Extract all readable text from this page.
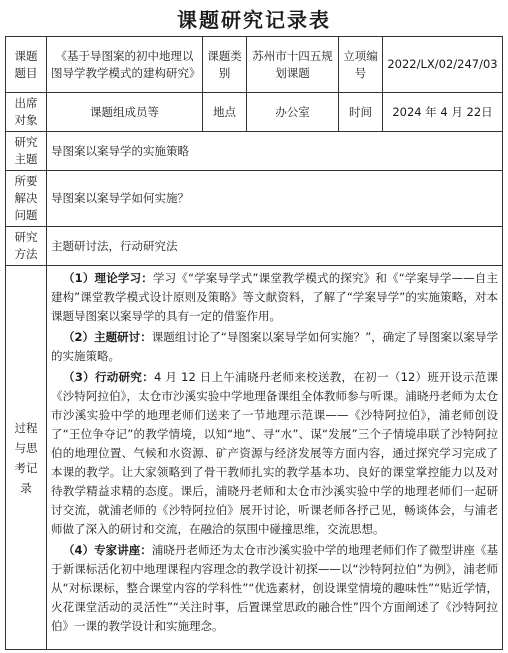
课题研究记录表
课题题目	《基于导图案的初中地理以图导学教学模式的建构研究》	课题类别	苏州市十四五规划课题	立项编号	2022/LX/02/247/03
出席对象	课题组成员等	地点	办公室	时间	2024 年 4 月 22日
研究主题	导图案以案导学的实施策略				
所要解决问题	导图案以案导学如何实施？				
研究方法	主题研讨法，行动研究法				
过程与思考记录	（1）理论学习：学习《“学案导学式”课堂教学模式的探究》和《“学案导学——自主建构”课堂教学模式设计原则及策略》等文献资料，了解了“学案导学”的实施策略，对本课题导图案以案导学的具有一定的借鉴作用。

（2）主题研讨：课题组讨论了“导图案以案导学如何实施？”，确定了导图案以案导学的实施策略。

（3）行动研究：4 月 12 日上午浦晓丹老师来校送教，在初一（12）班开设示范课《沙特阿拉伯》，太仓市沙溪实验中学地理备课组全体教师参与听课。浦晓丹老师为太仓市沙溪实验中学的地理老师们送来了一节地理示范课——《沙特阿拉伯》，浦老师创设了“王位争夺记”的教学情境，以知“地”、寻“水”、谋“发展”三个子情境串联了沙特阿拉伯的地理位置、气候和水资源、矿产资源与经济发展等方面内容，通过探究学习完成了本课的教学。让大家领略到了骨干教师扎实的教学基本功、良好的课堂掌控能力以及对待教学精益求精的态度。课后，浦晓丹老师和太仓市沙溪实验中学的地理老师们一起研讨交流，就浦老师的《沙特阿拉伯》展开讨论，听课老师各抒己见，畅谈体会，与浦老师做了深入的研讨和交流，在融洽的氛围中碰撞思维，交流思想。

（4）专家讲座：浦晓丹老师还为太仓市沙溪实验中学的地理老师们作了微型讲座《基于新课标活化初中地理课程内容理念的教学设计初探——以“沙特阿拉伯”为例》，浦老师从“对标课标，整合课堂内容的学科性”“优选素材，创设课堂情境的趣味性”“贴近学情，火花课堂活动的灵活性”“关注时事，后置课堂思政的融合性”四个方面阐述了《沙特阿拉伯》一课的教学设计和实施理念。				
